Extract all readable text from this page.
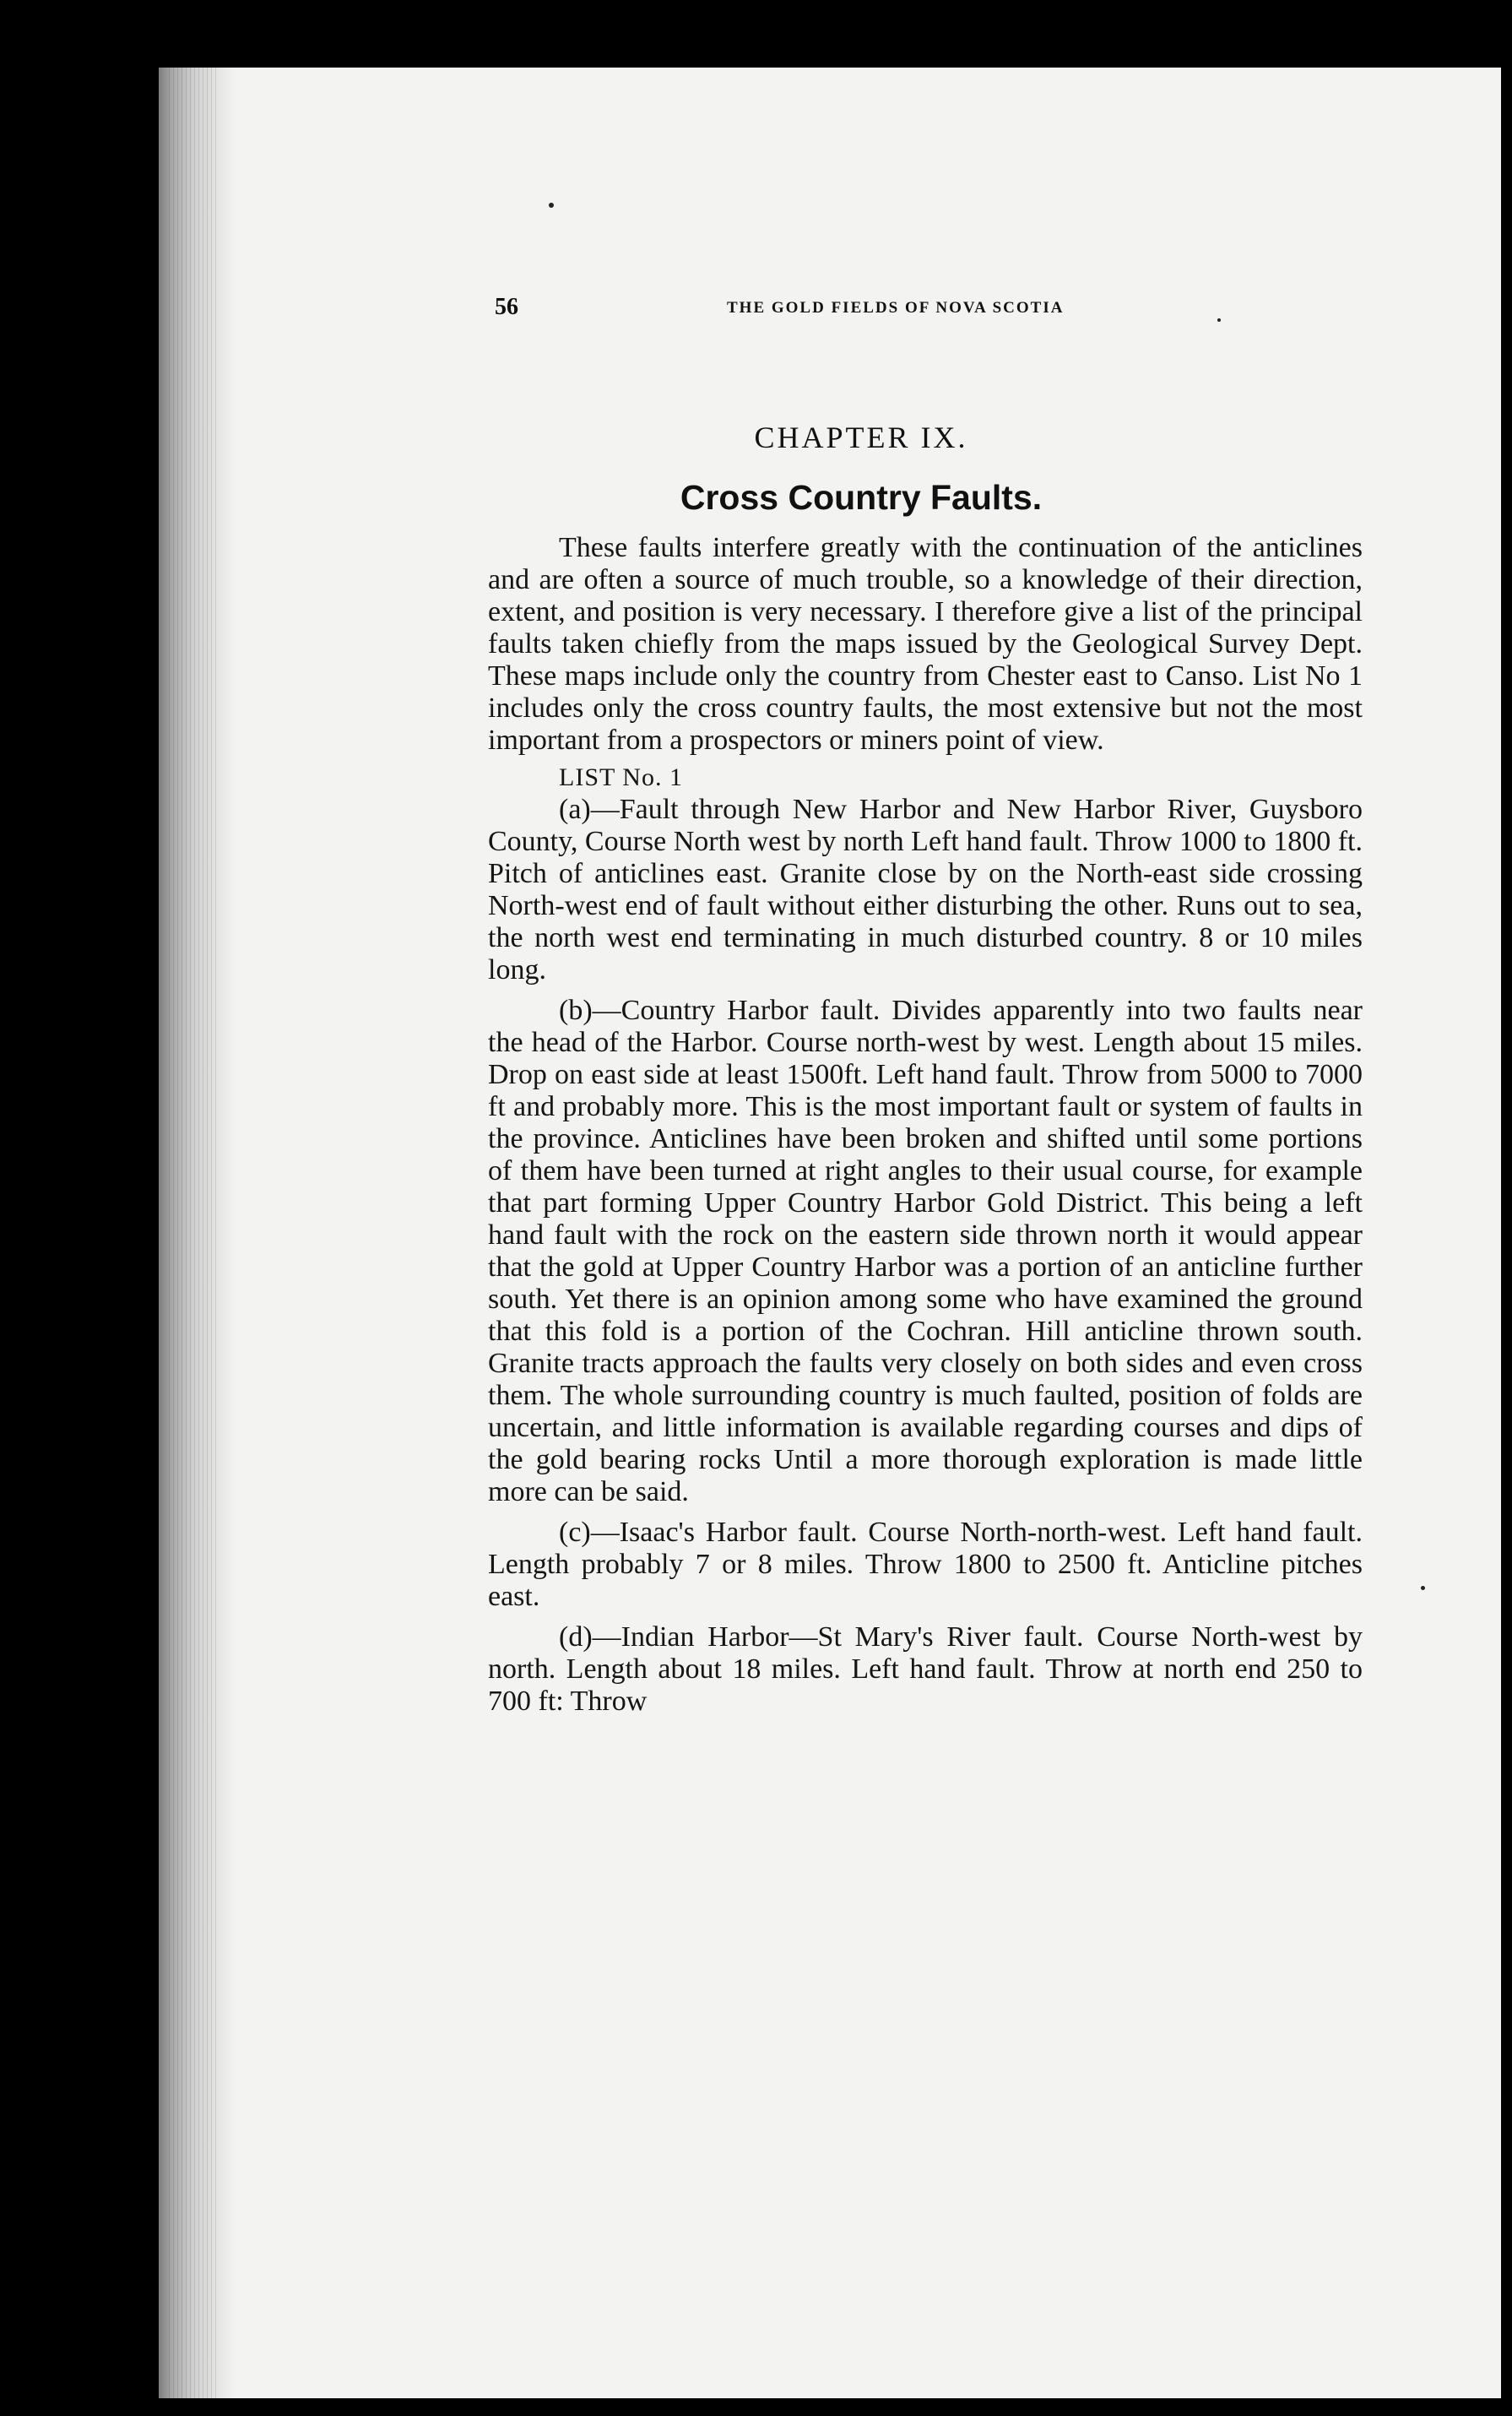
56	THE GOLD FIELDS OF NOVA SCOTIA
CHAPTER IX.
Cross Country Faults.

These faults interfere greatly with the continuation of the anticlines and are often a source of much trouble, so a knowledge of their direction, extent, and position is very necessary. I therefore give a list of the principal faults taken chiefly from the maps issued by the Geological Survey Dept. These maps include only the country from Chester east to Canso. List No 1 includes only the cross country faults, the most extensive but not the most important from a prospectors or miners point of view.

LIST No. 1

(a)—Fault through New Harbor and New Harbor River, Guysboro County, Course North west by north Left hand fault. Throw 1000 to 1800 ft. Pitch of anticlines east. Granite close by on the North-east side crossing North-west end of fault without either disturbing the other. Runs out to sea, the north west end terminating in much disturbed country. 8 or 10 miles long.

(b)—Country Harbor fault. Divides apparently into two faults near the head of the Harbor. Course north-west by west. Length about 15 miles. Drop on east side at least 1500ft. Left hand fault. Throw from 5000 to 7000 ft and probably more. This is the most important fault or system of faults in the province. Anticlines have been broken and shifted until some portions of them have been turned at right angles to their usual course, for example that part forming Upper Country Harbor Gold District. This being a left hand fault with the rock on the eastern side thrown north it would appear that the gold at Upper Country Harbor was a portion of an anticline further south. Yet there is an opinion among some who have examined the ground that this fold is a portion of the Cochran. Hill anticline thrown south. Granite tracts approach the faults very closely on both sides and even cross them. The whole surrounding country is much faulted, position of folds are uncertain, and little information is available regarding courses and dips of the gold bearing rocks Until a more thorough exploration is made little more can be said.

(c)—Isaac's Harbor fault. Course North-north-west. Left hand fault. Length probably 7 or 8 miles. Throw 1800 to 2500 ft. Anticline pitches east.

(d)—Indian Harbor—St Mary's River fault. Course North-west by north. Length about 18 miles. Left hand fault. Throw at north end 250 to 700 ft: Throw
